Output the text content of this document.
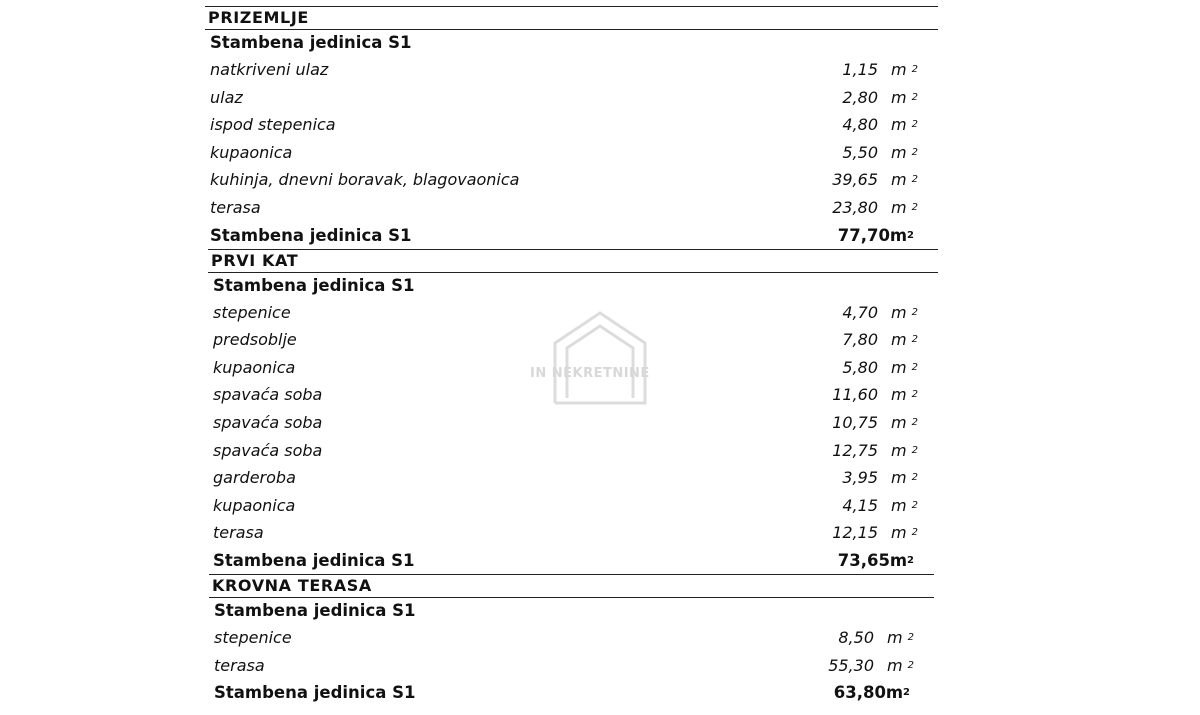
PRIZEMLJE
Stambena jedinica S1
natkriveni ulaz	1,15 m $^2$
ulaz	2,80 m $^2$
ispod stepenica	4,80 m $^2$
kupaonica	5,50 m $^2$
kuhinja, dnevni boravak, blagovaonica	39,65 m $^2$
terasa	23,80 m $^2$
Stambena jedinica S1	77,70 $m^2$
PRVI KAT
Stambena jedinica S1
stepenice	4,70 m $^2$
predsoblje	7,80 m $^2$
kupaonica	5,80 m $^2$
spavaća soba	11,60 m $^2$
spavaća soba	10,75 m $^2$
spavaća soba	12,75 m $^2$
garderoba	3,95 m $^2$
kupaonica	4,15 m $^2$
terasa	12,15 m $^2$
Stambena jedinica S1	73,65 $m^2$
KROVNA TERASA
Stambena jedinica S1
stepenice	8,50 m $^2$
terasa	55,30 m $^2$
Stambena jedinica S1	63,80 $m^2$
IN NEKRETNINE
